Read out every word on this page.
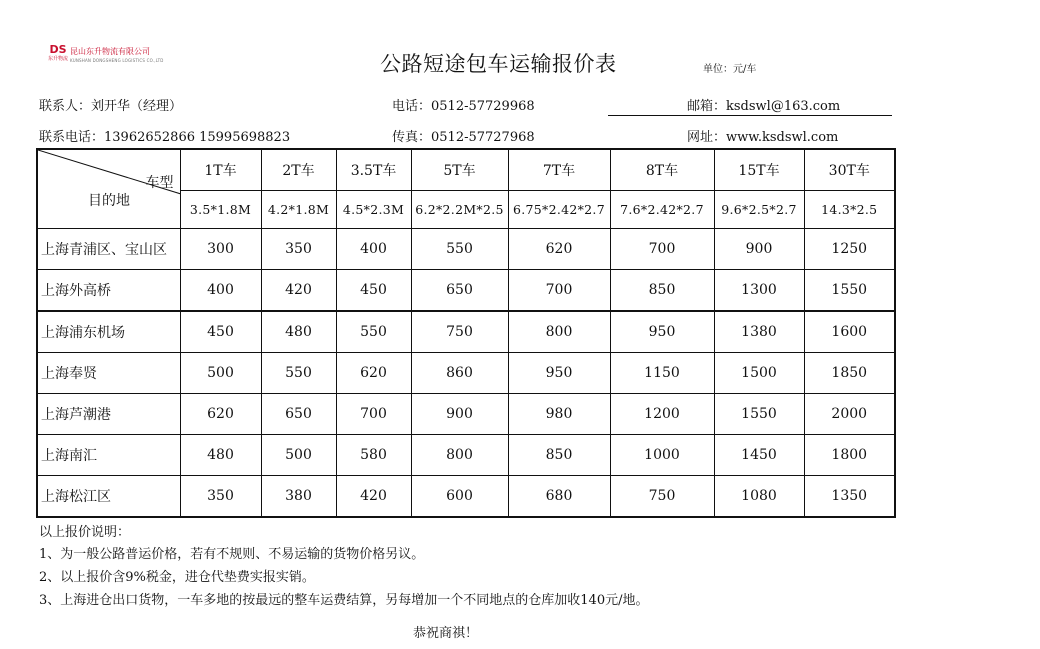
DS
东升物流
昆山东升物流有限公司
KUNSHAN DONGSHENG LOGISTICS CO.,LTD	公路短途包车运输报价表	单位：元/车
联系人：刘开华（经理）	电话：0512-57729968	邮箱：ksdswl@163.com
联系电话：13962652866 15995698823	传真：0512-57727968	网址：www.ksdswl.com
车型
目的地	1T车	2T车	3.5T车	5T车	7T车	8T车	15T车	30T车
	3.5*1.8M	4.2*1.8M	4.5*2.3M	6.2*2.2M*2.5	6.75*2.42*2.7	7.6*2.42*2.7	9.6*2.5*2.7	14.3*2.5
上海青浦区、宝山区	300	350	400	550	620	700	900	1250
上海外高桥	400	420	450	650	700	850	1300	1550
上海浦东机场	450	480	550	750	800	950	1380	1600
上海奉贤	500	550	620	860	950	1150	1500	1850
上海芦潮港	620	650	700	900	980	1200	1550	2000
上海南汇	480	500	580	800	850	1000	1450	1800
上海松江区	350	380	420	600	680	750	1080	1350
以上报价说明：
1、为一般公路普运价格，若有不规则、不易运输的货物价格另议。
2、以上报价含9%税金，进仓代垫费实报实销。
3、上海进仓出口货物，一车多地的按最远的整车运费结算，另每增加一个不同地点的仓库加收140元/地。
恭祝商祺！
